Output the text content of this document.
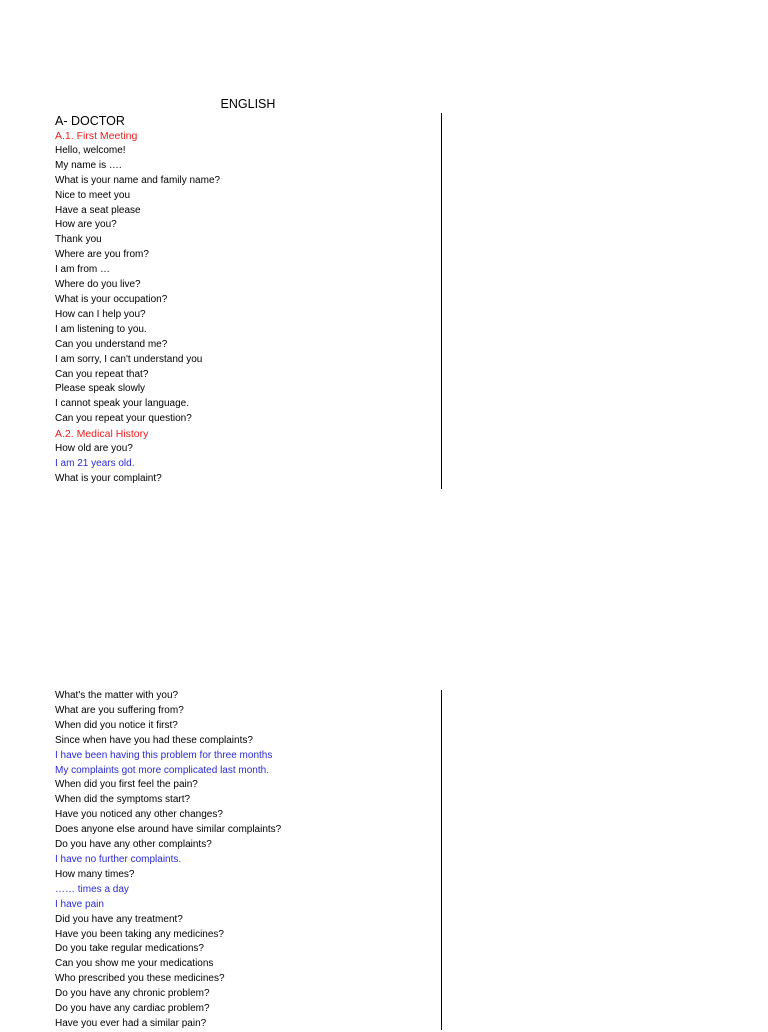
ENGLISH
A- DOCTOR
A.1. First Meeting
Hello, welcome!
My name is ….
What is your name and family name?
Nice to meet you
Have a seat please
How are you?
Thank you
Where are you from?
I am from …
Where do you live?
What is your occupation?
How can I help you?
I am listening to you.
Can you understand me?
I am sorry, I can't understand you
Can you repeat that?
Please speak slowly
I cannot speak your language.
Can you repeat your question?
A.2. Medical History
How old are you?
I am 21 years old.
What is your complaint?
What's the matter with you?
What are you suffering from?
When did you notice it first?
Since when have you had these complaints?
I have been having this problem for three months
My complaints got more complicated last month.
When did you first feel the pain?
When did the symptoms start?
Have you noticed any other changes?
Does anyone else around have similar complaints?
Do you have any other complaints?
I have no further complaints.
How many times?
…… times a day
I have pain
Did you have any treatment?
Have you been taking any medicines?
Do you take regular medications?
Can you show me your medications
Who prescribed you these medicines?
Do you have any chronic problem?
Do you have any cardiac problem?
Have you ever had a similar pain?
